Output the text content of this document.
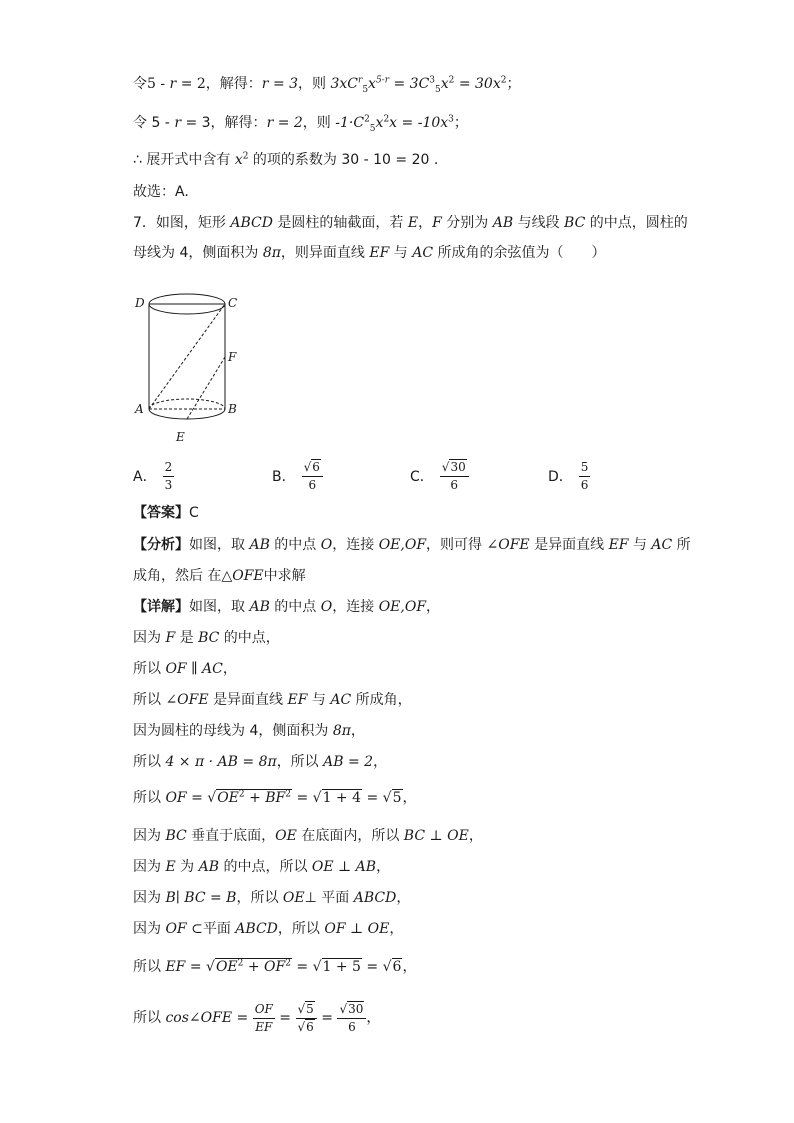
令5 - r = 2，解得：r = 3，则 $3xC^r_5x^{5-r} = 3C^3_5x^2 = 30x^2$；
令 5 - r = 3，解得：r = 2，则 $-1\cdot C^2_5x^2x = -10x^3$；
∴ 展开式中含有 $x^2$ 的项的系数为 30 - 10 = 20 .
故选：A.
7．如图，矩形 ABCD 是圆柱的轴截面，若 E，F 分别为 AB 与线段 BC 的中点，圆柱的
母线为 4，侧面积为 8π，则异面直线 EF 与 AC 所成角的余弦值为（　　）
D	C
F
A	B
E
A． $\frac{2}{3}$	B． $\frac{√6}{6}$	C． $\frac{√30}{6}$	D． $\frac{5}{6}$
【答案】C
【分析】如图，取 AB 的中点 O，连接 OE,OF，则可得 ∠OFE 是异面直线 EF 与 AC 所
成角，然后 在△OFE中求解
【详解】如图，取 AB 的中点 O，连接 OE,OF，
因为 F 是 BC 的中点，
所以 OF ∥ AC，
所以 ∠OFE 是异面直线 EF 与 AC 所成角，
因为圆柱的母线为 4，侧面积为 8π，
所以 4 × π · AB = 8π，所以 AB = 2，
所以 OF = $√OE^2 + BF^2 = √1 + 4 = √5$，
因为 BC 垂直于底面，OE 在底面内，所以 BC ⊥ OE，
因为 E 为 AB 的中点，所以 OE ⊥ AB，
因为 B∣ BC = B，所以 OE⊥ 平面 ABCD，
因为 OF ⊂平面 ABCD，所以 OF ⊥ OE，
所以 EF = $√OE^2 + OF^2 = √1 + 5 = √6$，
所以 cos∠OFE = $\frac{OF}{EF} = \frac{√5}{√6} = \frac{√30}{6}$ ，
